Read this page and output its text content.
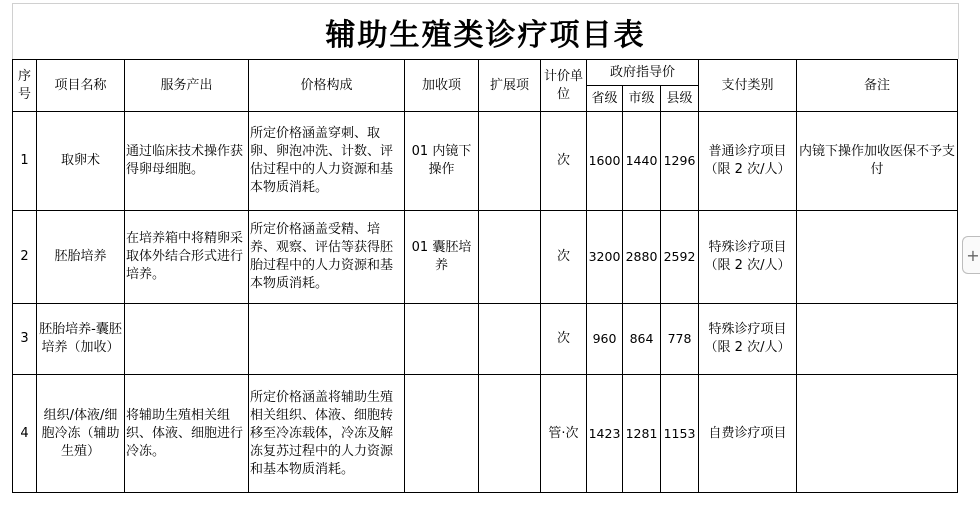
辅助生殖类诊疗项目表
序号	项目名称	服务产出	价格构成	加收项	扩展项	计价单位	政府指导价			支付类别	备注
							省级	市级	县级		
1	取卵术	通过临床技术操作获得卵母细胞。	所定价格涵盖穿刺、取卵、卵泡冲洗、计数、评估过程中的人力资源和基本物质消耗。	01 内镜下操作		次	1600	1440	1296	普通诊疗项目（限 2 次/人）	内镜下操作加收医保不予支付
2	胚胎培养	在培养箱中将精卵采取体外结合形式进行培养。	所定价格涵盖受精、培养、观察、评估等获得胚胎过程中的人力资源和基本物质消耗。	01 囊胚培养		次	3200	2880	2592	特殊诊疗项目（限 2 次/人）	
3	胚胎培养-囊胚培养（加收）					次	960	864	778	特殊诊疗项目（限 2 次/人）	
4	组织/体液/细胞冷冻（辅助生殖）	将辅助生殖相关组织、体液、细胞进行冷冻。	所定价格涵盖将辅助生殖相关组织、体液、细胞转移至冷冻载体，冷冻及解冻复苏过程中的人力资源和基本物质消耗。			管·次	1423	1281	1153	自费诊疗项目	
+
